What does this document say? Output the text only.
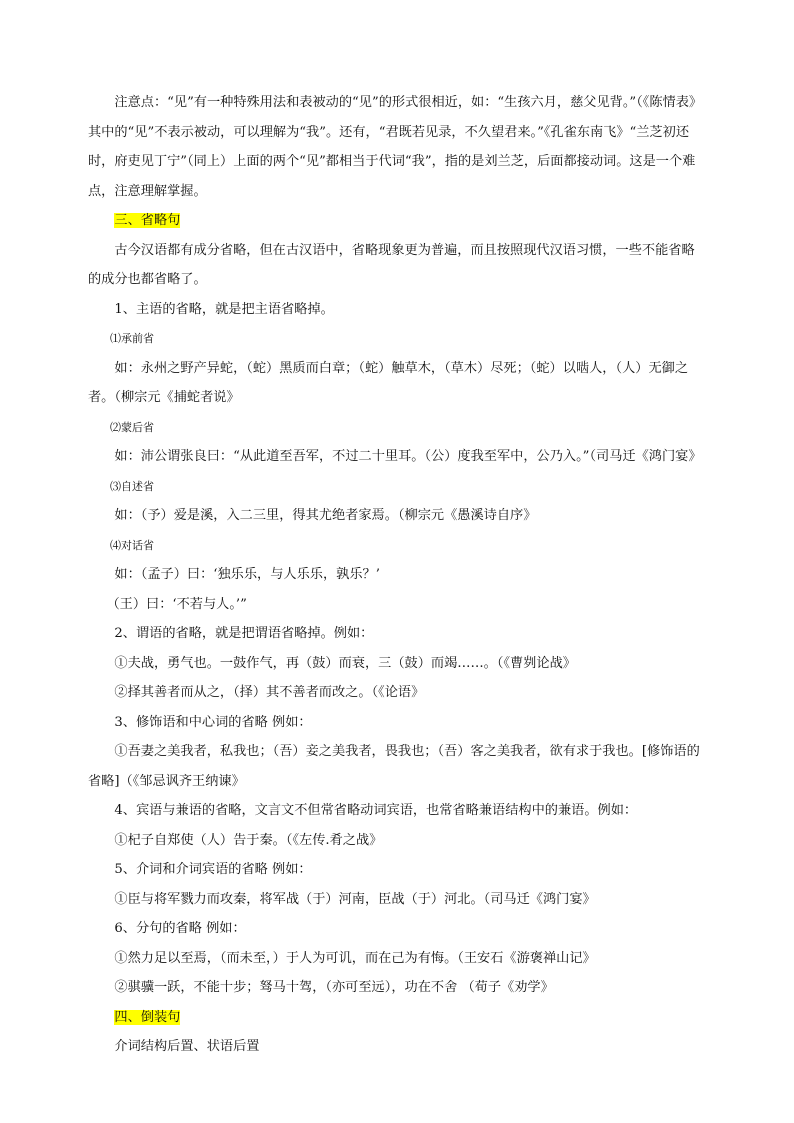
注意点：“见”有一种特殊用法和表被动的“见”的形式很相近，如：“生孩六月，慈父见背。”（《陈情表》其中的“见”不表示被动，可以理解为“我”。还有，“君既若见录，不久望君来。”《孔雀东南飞》“兰芝初还时，府吏见丁宁”（同上）上面的两个“见”都相当于代词“我”，指的是刘兰芝，后面都接动词。这是一个难点，注意理解掌握。

三、省略句

古今汉语都有成分省略，但在古汉语中，省略现象更为普遍，而且按照现代汉语习惯，一些不能省略的成分也都省略了。

1、主语的省略，就是把主语省略掉。

⑴承前省

如：永州之野产异蛇，（蛇）黑质而白章；（蛇）触草木，（草木）尽死；（蛇）以啮人，（人）无御之者。（柳宗元《捕蛇者说》

⑵蒙后省

如：沛公谓张良曰：“从此道至吾军，不过二十里耳。（公）度我至军中，公乃入。”（司马迁《鸿门宴》

⑶自述省

如：（予）爱是溪，入二三里，得其尤绝者家焉。（柳宗元《愚溪诗自序》

⑷对话省

如：（孟子）曰：‘独乐乐，与人乐乐，孰乐？’

（王）曰：‘不若与人。’”

2、谓语的省略，就是把谓语省略掉。例如：

①夫战，勇气也。一鼓作气，再（鼓）而衰，三（鼓）而竭……。（《曹刿论战》

②择其善者而从之，（择）其不善者而改之。（《论语》

3、修饰语和中心词的省略 例如：

①吾妻之美我者，私我也；（吾）妾之美我者，畏我也；（吾）客之美我者，欲有求于我也。[修饰语的省略]（《邹忌讽齐王纳谏》

4、宾语与兼语的省略，文言文不但常省略动词宾语，也常省略兼语结构中的兼语。例如：

①杞子自郑使（人）告于秦。（《左传.肴之战》

5、介词和介词宾语的省略 例如：

①臣与将军戮力而攻秦，将军战（于）河南，臣战（于）河北。（司马迁《鸿门宴》

6、分句的省略 例如：

①然力足以至焉，（而未至，）于人为可讥，而在己为有悔。（王安石《游褒禅山记》

②骐骥一跃，不能十步；驽马十驾，（亦可至远），功在不舍 （荀子《劝学》

四、倒装句

介词结构后置、状语后置
